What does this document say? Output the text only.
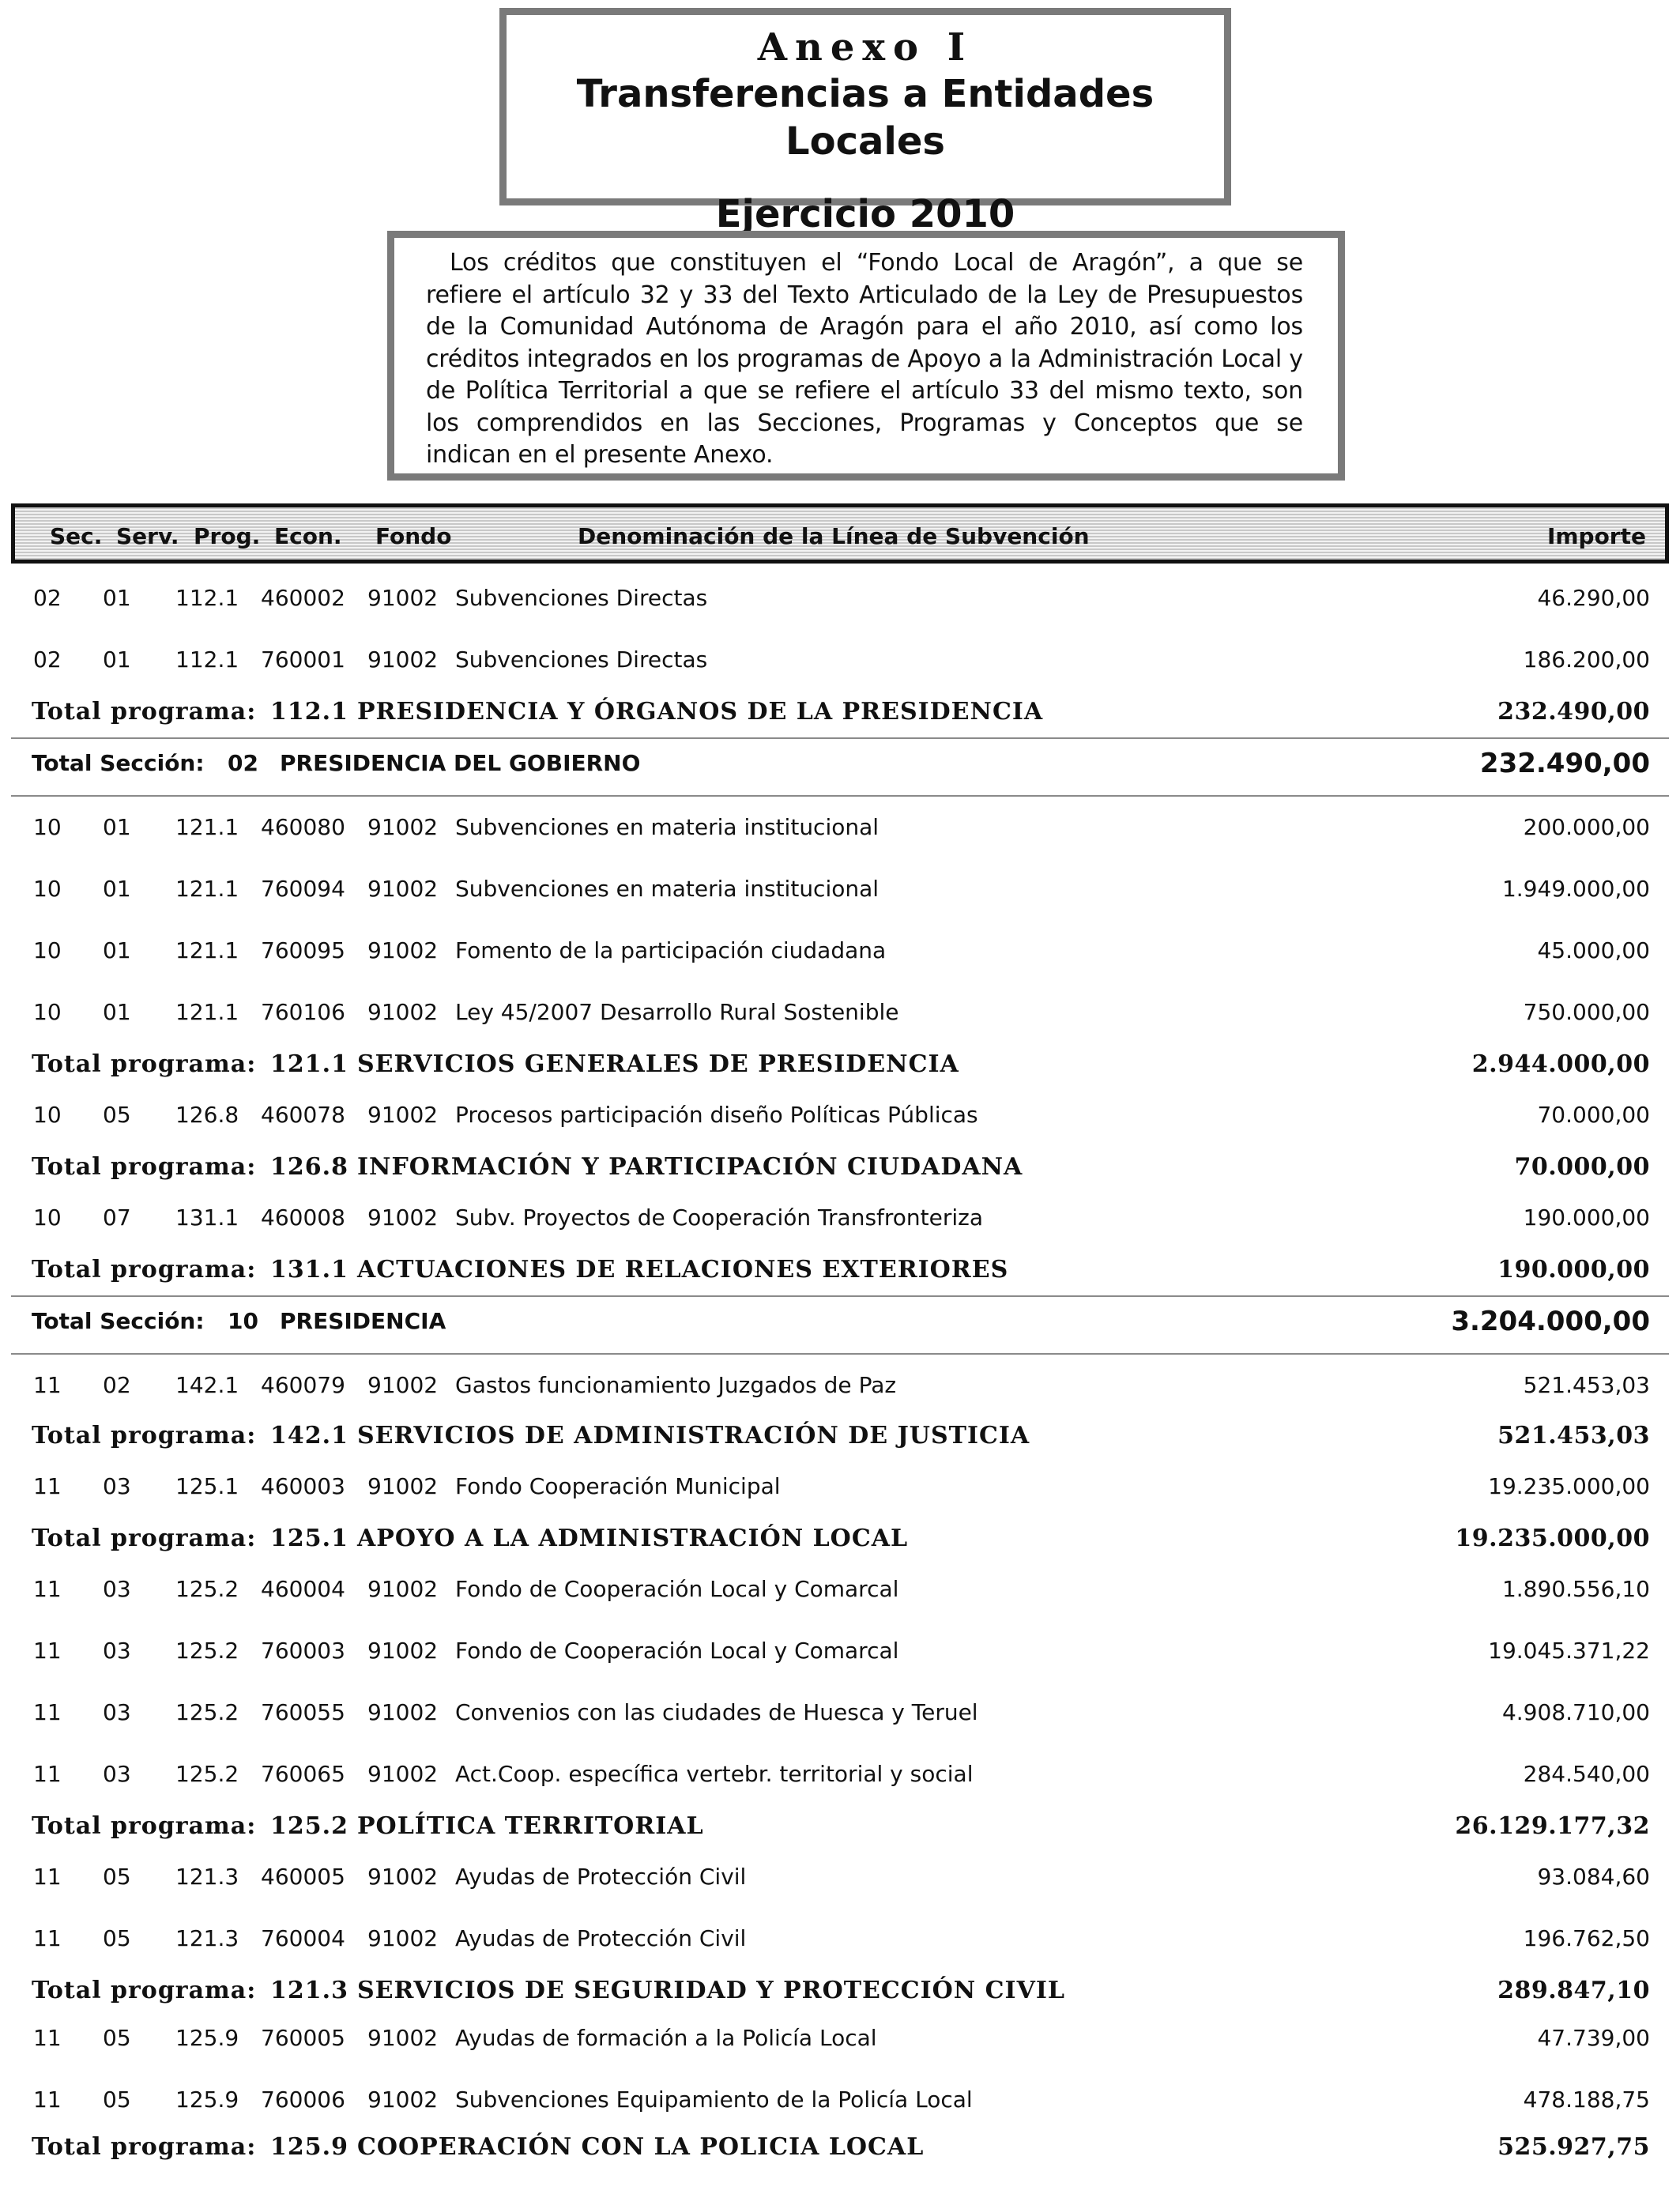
Anexo I
Transferencias a Entidades Locales
Ejercicio 2010

Los créditos que constituyen el “Fondo Local de Aragón”, a que se refiere el artículo 32 y 33 del Texto Articulado de la Ley de Presupuestos de la Comunidad Autónoma de Aragón para el año 2010, así como los créditos integrados en los programas de Apoyo a la Administración Local y de Política Territorial a que se refiere el artículo 33 del mismo texto, son los comprendidos en las Secciones, Programas y Conceptos que se indican en el presente Anexo.

Sec. Serv. Prog. Econ. Fondo	Denominación de la Línea de Subvención	Importe
02 01 112.1 460002 91002 Subvenciones Directas	46.290,00
02 01 112.1 760001 91002 Subvenciones Directas	186.200,00
Total programa: 112.1 PRESIDENCIA Y ÓRGANOS DE LA PRESIDENCIA	232.490,00
Total Sección: 02 PRESIDENCIA DEL GOBIERNO	232.490,00
10 01 121.1 460080 91002 Subvenciones en materia institucional	200.000,00
10 01 121.1 760094 91002 Subvenciones en materia institucional	1.949.000,00
10 01 121.1 760095 91002 Fomento de la participación ciudadana	45.000,00
10 01 121.1 760106 91002 Ley 45/2007 Desarrollo Rural Sostenible	750.000,00
Total programa: 121.1 SERVICIOS GENERALES DE PRESIDENCIA	2.944.000,00
10 05 126.8 460078 91002 Procesos participación diseño Políticas Públicas	70.000,00
Total programa: 126.8 INFORMACIÓN Y PARTICIPACIÓN CIUDADANA	70.000,00
10 07 131.1 460008 91002 Subv. Proyectos de Cooperación Transfronteriza	190.000,00
Total programa: 131.1 ACTUACIONES DE RELACIONES EXTERIORES	190.000,00
Total Sección: 10 PRESIDENCIA	3.204.000,00
11 02 142.1 460079 91002 Gastos funcionamiento Juzgados de Paz	521.453,03
Total programa: 142.1 SERVICIOS DE ADMINISTRACIÓN DE JUSTICIA	521.453,03
11 03 125.1 460003 91002 Fondo Cooperación Municipal	19.235.000,00
Total programa: 125.1 APOYO A LA ADMINISTRACIÓN LOCAL	19.235.000,00
11 03 125.2 460004 91002 Fondo de Cooperación Local y Comarcal	1.890.556,10
11 03 125.2 760003 91002 Fondo de Cooperación Local y Comarcal	19.045.371,22
11 03 125.2 760055 91002 Convenios con las ciudades de Huesca y Teruel	4.908.710,00
11 03 125.2 760065 91002 Act.Coop. específica vertebr. territorial y social	284.540,00
Total programa: 125.2 POLÍTICA TERRITORIAL	26.129.177,32
11 05 121.3 460005 91002 Ayudas de Protección Civil	93.084,60
11 05 121.3 760004 91002 Ayudas de Protección Civil	196.762,50
Total programa: 121.3 SERVICIOS DE SEGURIDAD Y PROTECCIÓN CIVIL	289.847,10
11 05 125.9 760005 91002 Ayudas de formación a la Policía Local	47.739,00
11 05 125.9 760006 91002 Subvenciones Equipamiento de la Policía Local	478.188,75
Total programa: 125.9 COOPERACIÓN CON LA POLICIA LOCAL	525.927,75
